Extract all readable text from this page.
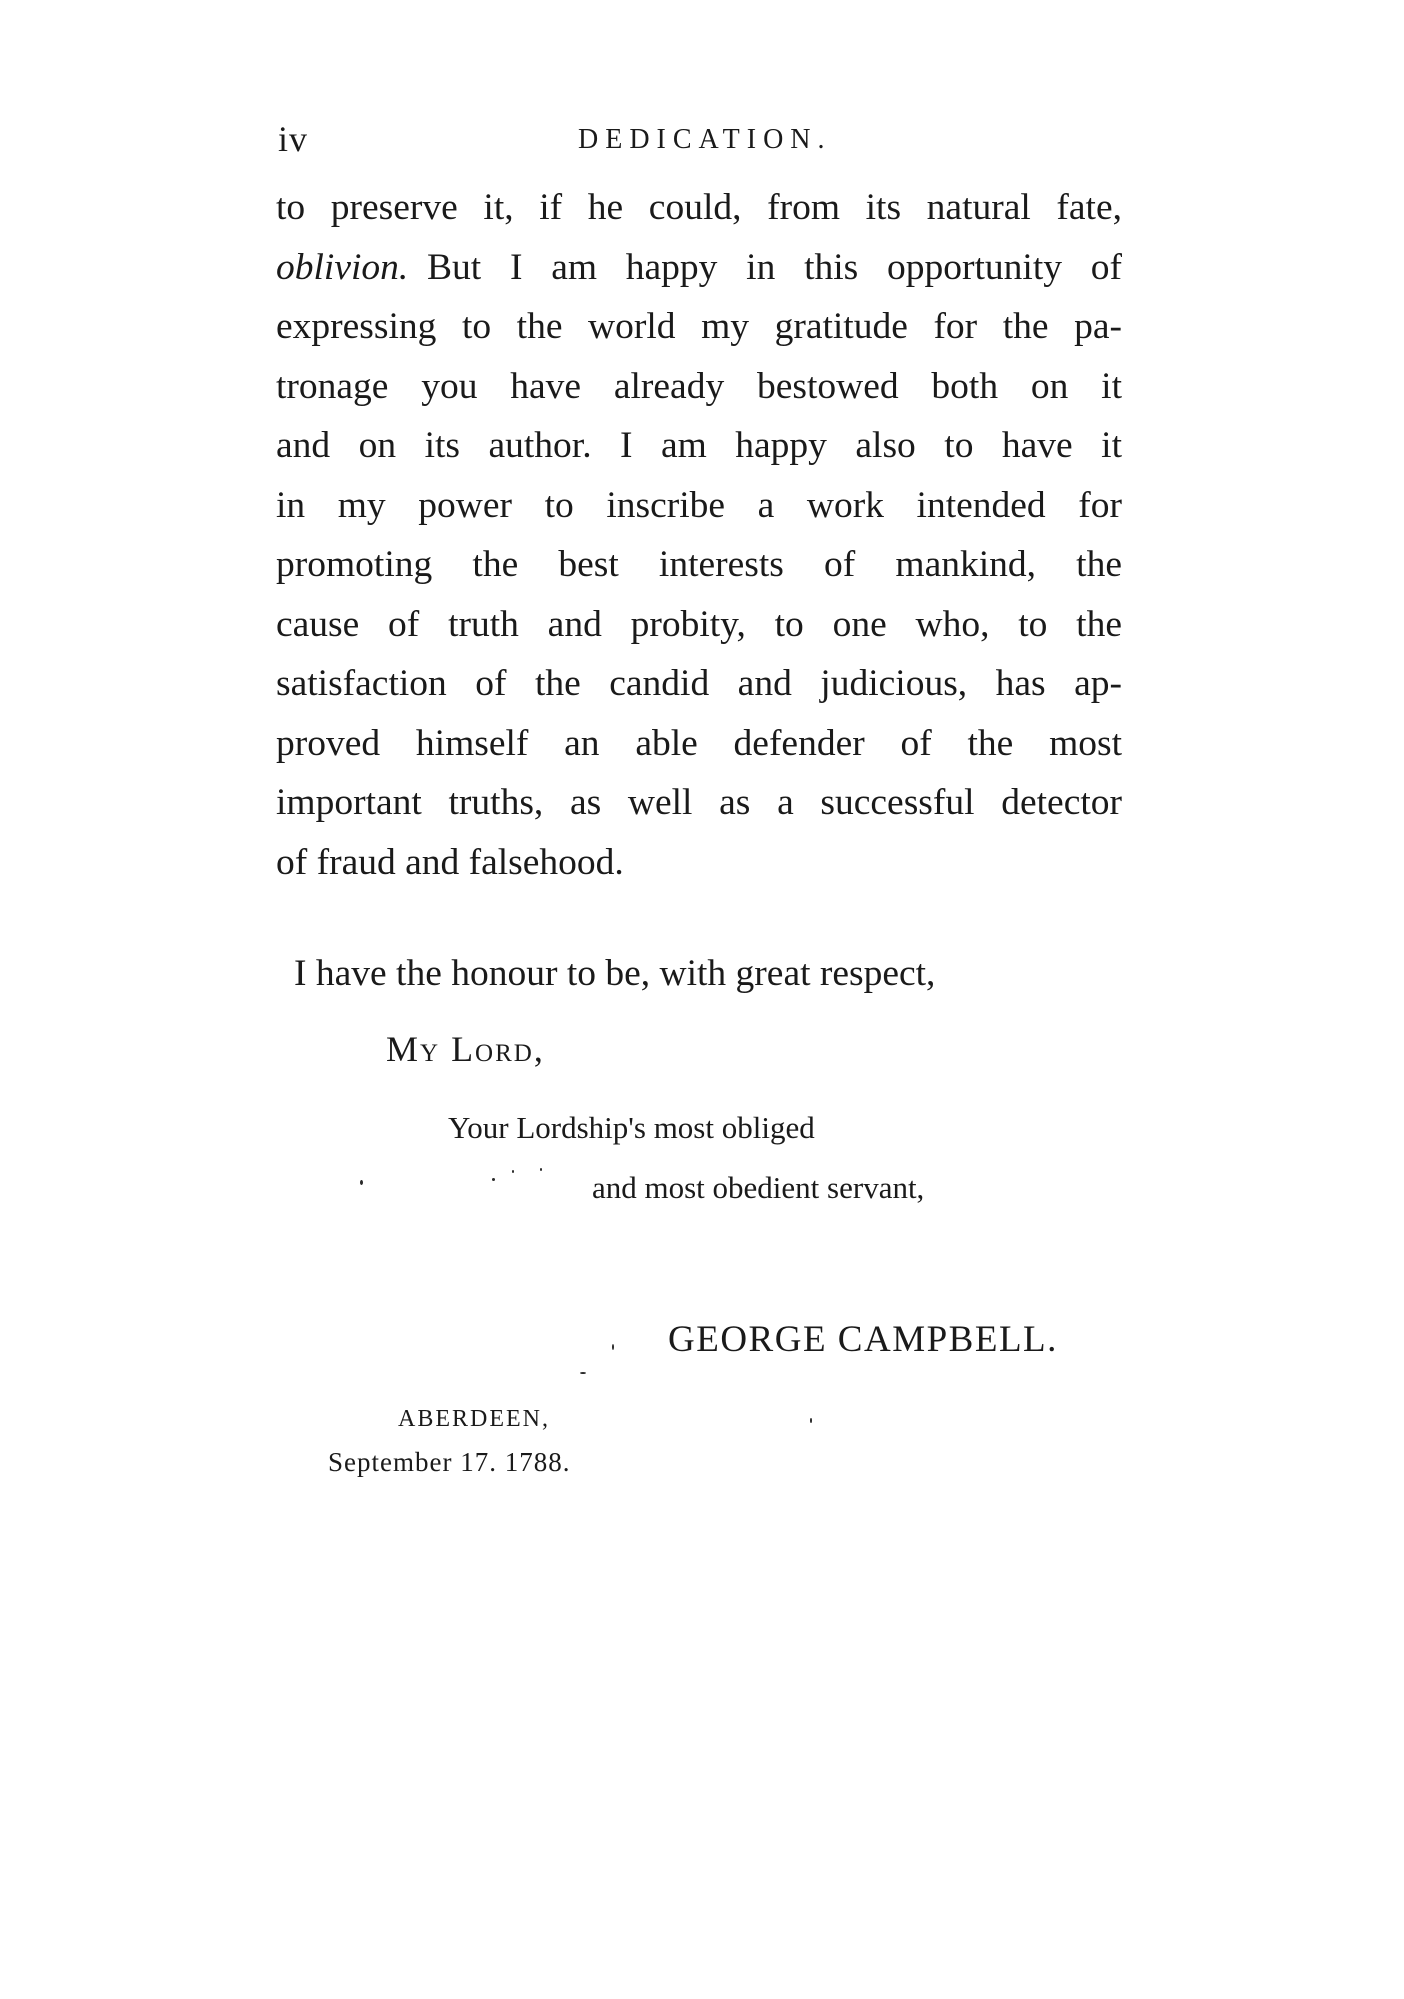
iv	DEDICATION.
to preserve it, if he could, from its natural fate,
oblivion.  But I am happy in this opportunity of
expressing to the world my gratitude for the pa-
tronage you have already bestowed both on it
and on its author. I am happy also to have it
in my power to inscribe a work intended for
promoting the best interests of mankind, the
cause of truth and probity, to one who, to the
satisfaction of the candid and judicious, has ap-
proved himself an able defender of the most
important truths, as well as a successful detector
of fraud and falsehood.
I have the honour to be, with great respect,
My Lord,
Your Lordship's most obliged
and most obedient servant,
GEORGE CAMPBELL.
ABERDEEN,
September 17. 1788.
